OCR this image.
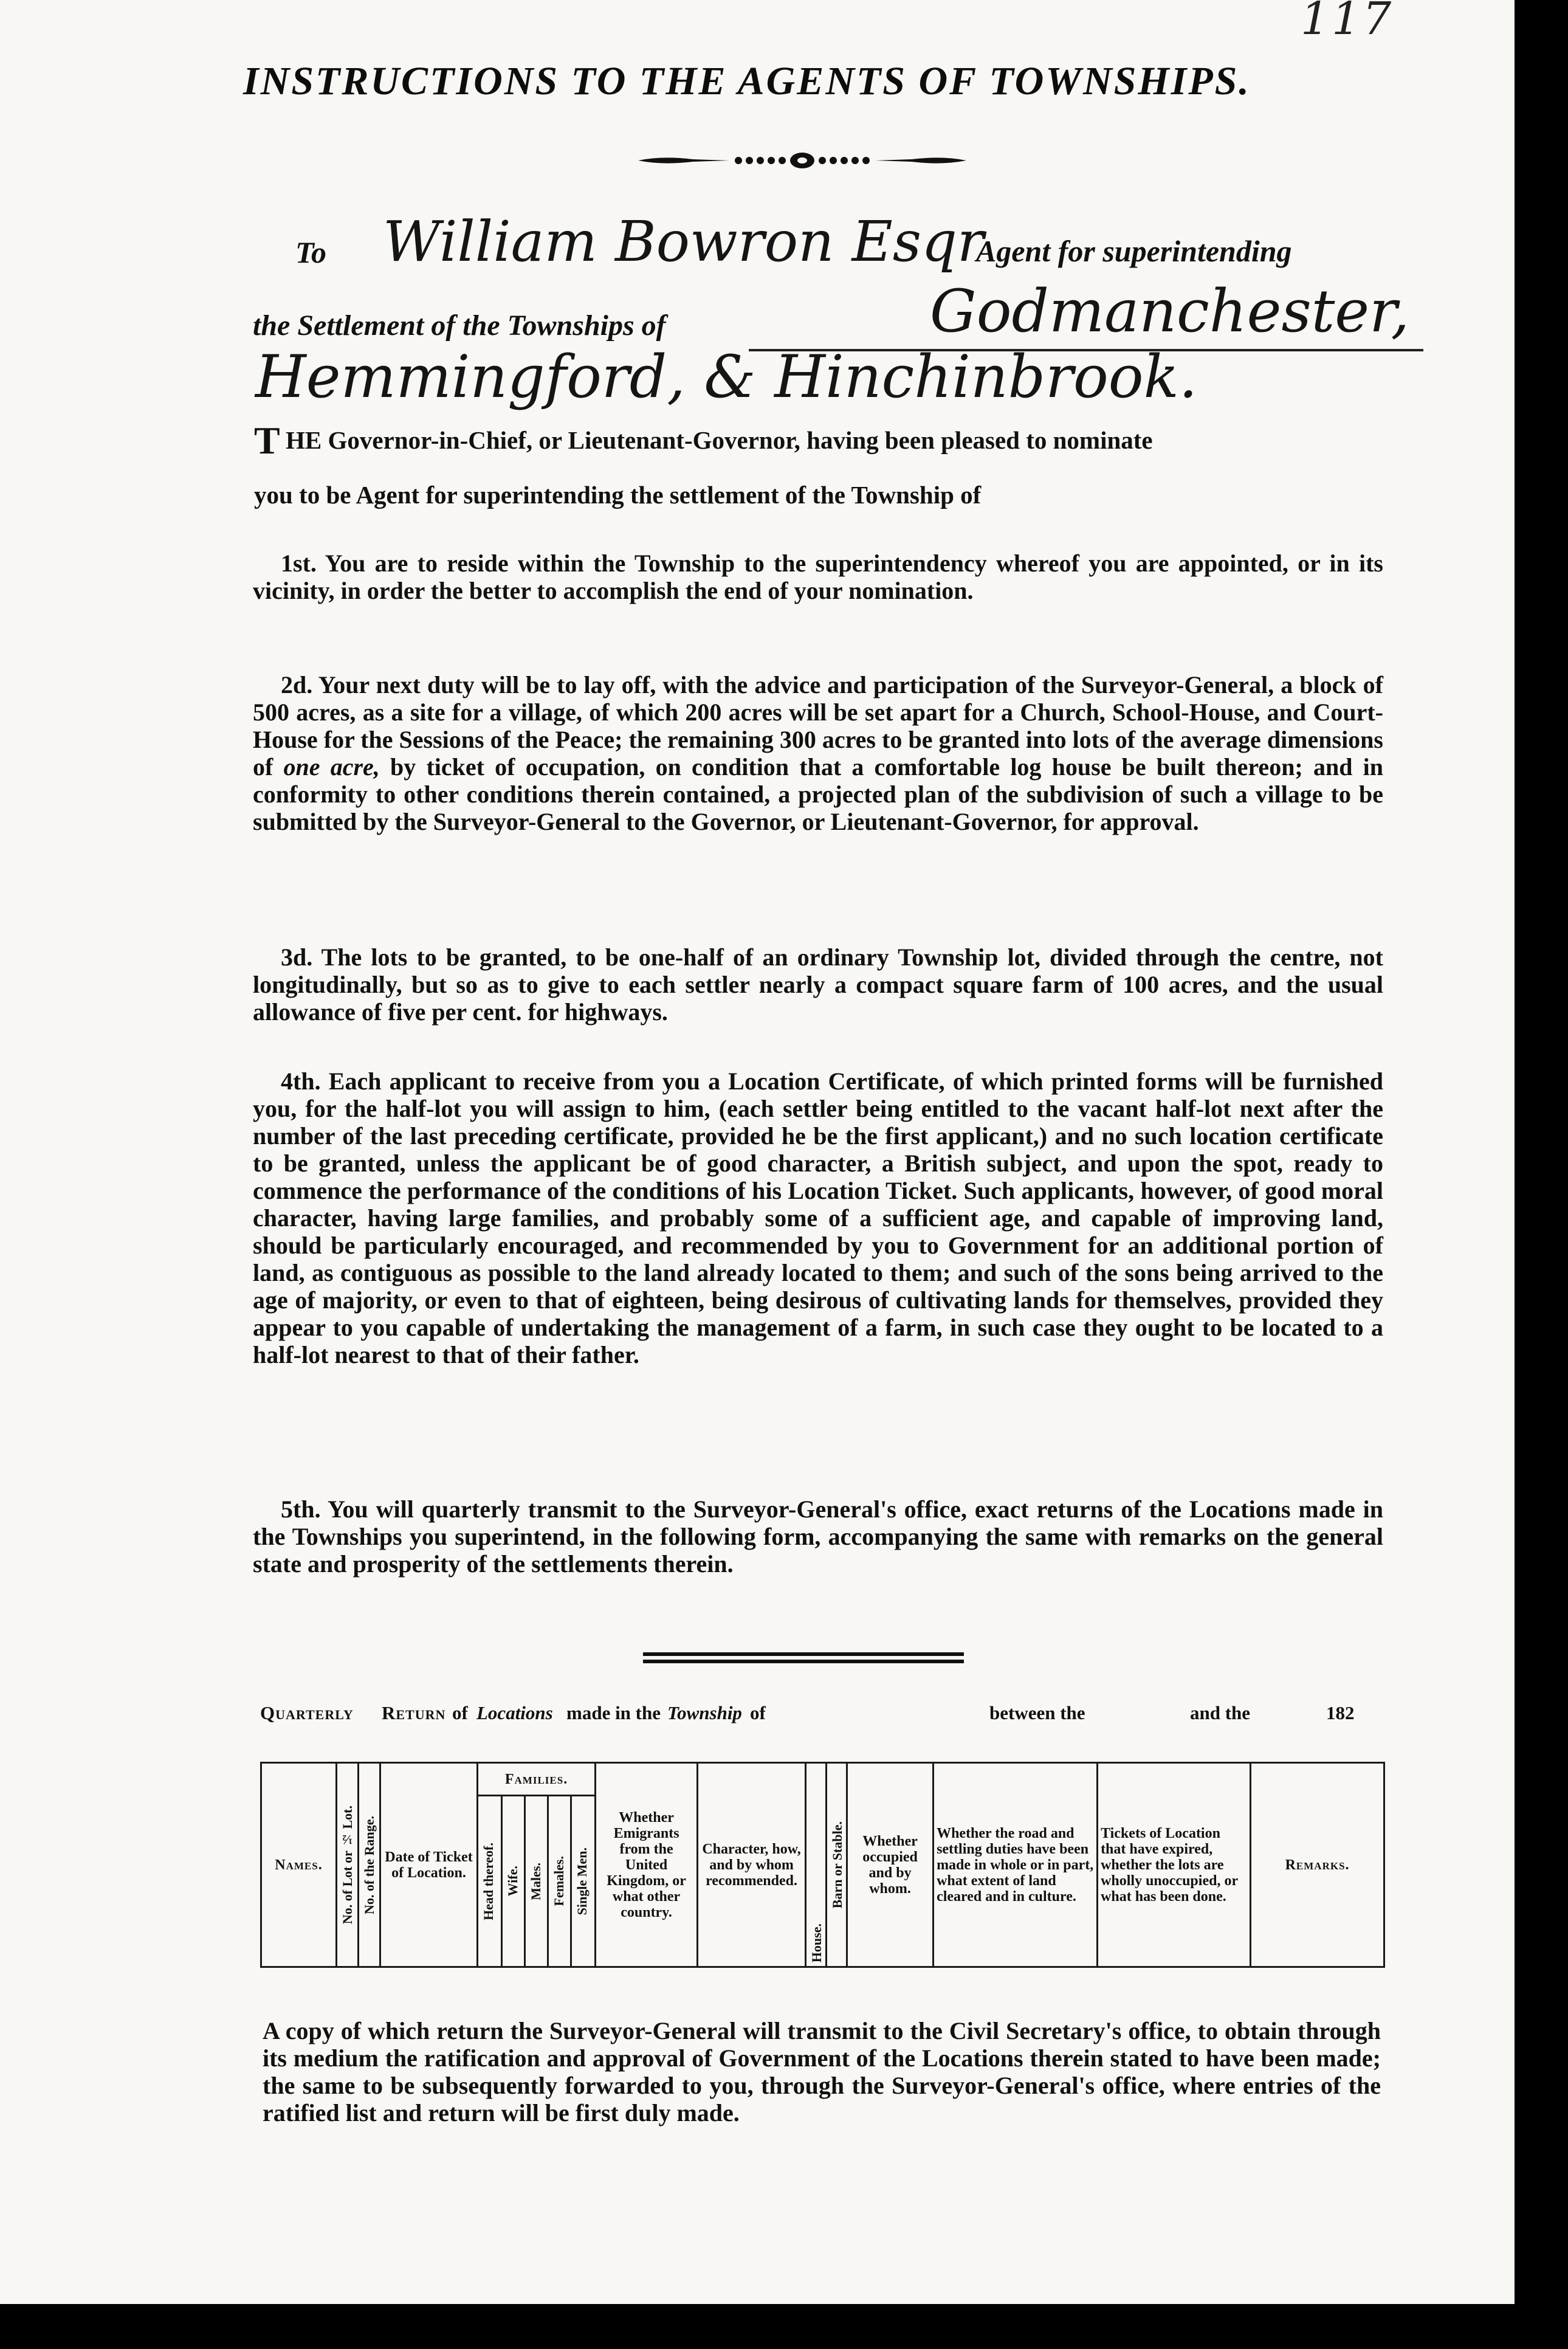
117
INSTRUCTIONS TO THE AGENTS OF TOWNSHIPS.
To William Bowron Esqr
Agent for superintending
the Settlement of the Townships of	Godmanchester,
Hemmingford, & Hinchinbrook.
T HE Governor-in-Chief, or Lieutenant-Governor, having been pleased to nominate
you to be Agent for superintending the settlement of the Township of
1st. You are to reside within the Township to the superintendency whereof you are appointed, or in its vicinity, in order the better to accomplish the end of your nomination.
2d. Your next duty will be to lay off, with the advice and participation of the Surveyor-General, a block of 500 acres, as a site for a village, of which 200 acres will be set apart for a Church, School-House, and Court-House for the Sessions of the Peace; the remaining 300 acres to be granted into lots of the average dimensions of one acre, by ticket of occupation, on condition that a comfortable log house be built thereon; and in conformity to other conditions therein contained, a projected plan of the subdivision of such a village to be submitted by the Surveyor-General to the Governor, or Lieutenant-Governor, for approval.
3d. The lots to be granted, to be one-half of an ordinary Township lot, divided through the centre, not longitudinally, but so as to give to each settler nearly a compact square farm of 100 acres, and the usual allowance of five per cent. for highways.
4th. Each applicant to receive from you a Location Certificate, of which printed forms will be furnished you, for the half-lot you will assign to him, (each settler being entitled to the vacant half-lot next after the number of the last preceding certificate, provided he be the first applicant,) and no such location certificate to be granted, unless the applicant be of good character, a British subject, and upon the spot, ready to commence the performance of the conditions of his Location Ticket. Such applicants, however, of good moral character, having large families, and probably some of a sufficient age, and capable of improving land, should be particularly encouraged, and recommended by you to Government for an additional portion of land, as contiguous as possible to the land already located to them; and such of the sons being arrived to the age of majority, or even to that of eighteen, being desirous of cultivating lands for themselves, provided they appear to you capable of undertaking the management of a farm, in such case they ought to be located to a half-lot nearest to that of their father.
5th. You will quarterly transmit to the Surveyor-General's office, exact returns of the Locations made in the Townships you superintend, in the following form, accompanying the same with remarks on the general state and prosperity of the settlements therein.
Quarterly Return of Locations made in the Township of	between the	and the	182
Names.	No. of Lot or ½ Lot.	No. of the Range.	Date of Ticket of Location.	Families.					Whether Emigrants from the United Kingdom, or what other country.	Character, how, and by whom recommended.	House.	Barn or Stable.	Whether occupied and by whom.	Whether the road and settling duties have been made in whole or in part, what extent of land cleared and in culture.	Tickets of Location that have expired, whether the lots are wholly unoccupied, or what has been done.	Remarks.

				Head thereof.	Wife.	Males.	Females.	Single Men.								
A copy of which return the Surveyor-General will transmit to the Civil Secretary's office, to obtain through its medium the ratification and approval of Government of the Locations therein stated to have been made; the same to be subsequently forwarded to you, through the Surveyor-General's office, where entries of the ratified list and return will be first duly made.
